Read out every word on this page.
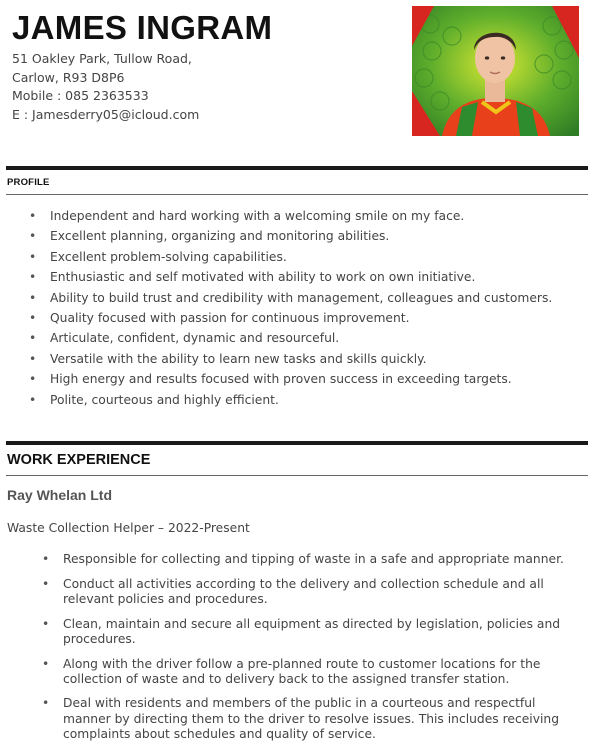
JAMES INGRAM

51 Oakley Park, Tullow Road,

Carlow, R93 D8P6

Mobile : 085 2363533

E : Jamesderry05@icloud.com

PROFILE
• Independent and hard working with a welcoming smile on my face.
• Excellent planning, organizing and monitoring abilities.
• Excellent problem-solving capabilities.
• Enthusiastic and self motivated with ability to work on own initiative.
• Ability to build trust and credibility with management, colleagues and customers.
• Quality focused with passion for continuous improvement.
• Articulate, confident, dynamic and resourceful.
• Versatile with the ability to learn new tasks and skills quickly.
• High energy and results focused with proven success in exceeding targets.
• Polite, courteous and highly efficient.
WORK EXPERIENCE
Ray Whelan Ltd
Waste Collection Helper – 2022-Present
• Responsible for collecting and tipping of waste in a safe and appropriate manner.
• Conduct all activities according to the delivery and collection schedule and all relevant policies and procedures.
• Clean, maintain and secure all equipment as directed by legislation, policies and procedures.
• Along with the driver follow a pre-planned route to customer locations for the collection of waste and to delivery back to the assigned transfer station.
• Deal with residents and members of the public in a courteous and respectful manner by directing them to the driver to resolve issues. This includes receiving complaints about schedules and quality of service.
